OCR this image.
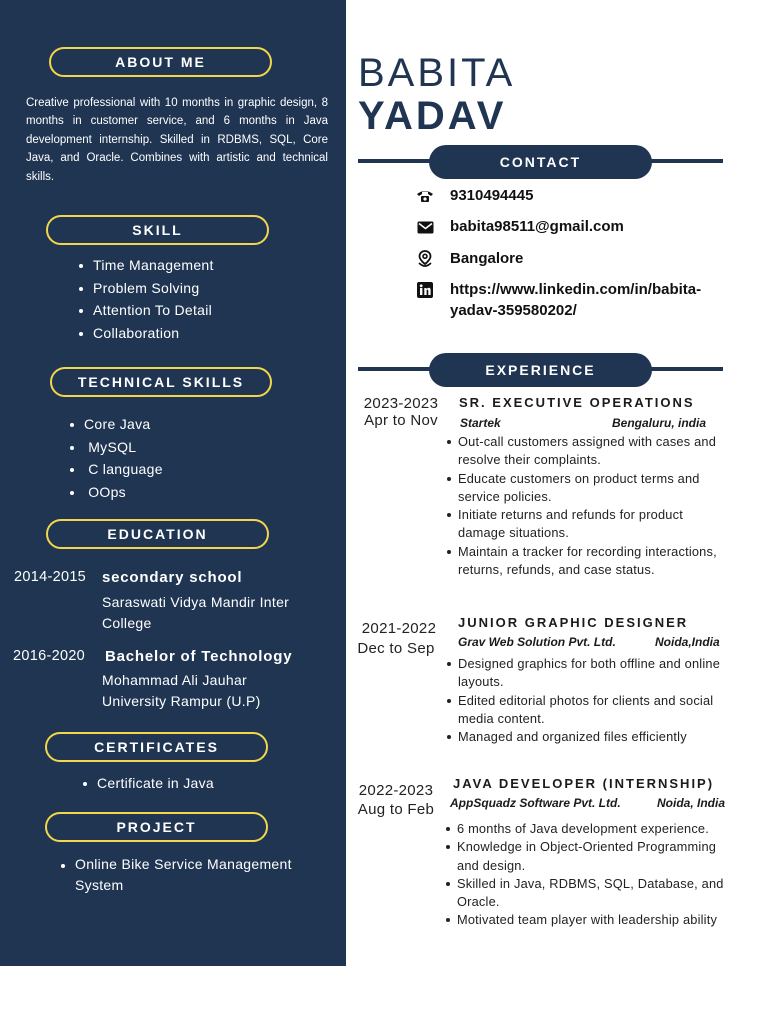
ABOUT ME
Creative professional with 10 months in graphic design, 8 months in customer service, and 6 months in Java development internship. Skilled in RDBMS, SQL, Core Java, and Oracle. Combines with artistic and technical skills.
SKILL
Time Management
Problem Solving
Attention To Detail
Collaboration
TECHNICAL SKILLS
Core Java
MySQL
C language
OOps
EDUCATION
2014-2015 secondary school
Saraswati Vidya Mandir Inter College
2016-2020 Bachelor of Technology
Mohammad Ali Jauhar University Rampur (U.P)
CERTIFICATES
Certificate in Java
PROJECT
Online Bike Service Management System
BABITA
YADAV
CONTACT
9310494445
babita98511@gmail.com
Bangalore
https://www.linkedin.com/in/babita-yadav-359580202/
EXPERIENCE
2023-2023
Apr to Nov
SR. EXECUTIVE OPERATIONS
Startek	Bengaluru, india
Out-call customers assigned with cases and resolve their complaints.
Educate customers on product terms and service policies.
Initiate returns and refunds for product damage situations.
Maintain a tracker for recording interactions, returns, refunds, and case status.
2021-2022
Dec to Sep
JUNIOR GRAPHIC DESIGNER
Grav Web Solution Pvt. Ltd.	Noida,India
Designed graphics for both offline and online layouts.
Edited editorial photos for clients and social media content.
Managed and organized files efficiently
2022-2023
Aug to Feb
JAVA DEVELOPER (INTERNSHIP)
AppSquadz Software Pvt. Ltd.	Noida, India
6 months of Java development experience.
Knowledge in Object-Oriented Programming and design.
Skilled in Java, RDBMS, SQL, Database, and Oracle.
Motivated team player with leadership ability
